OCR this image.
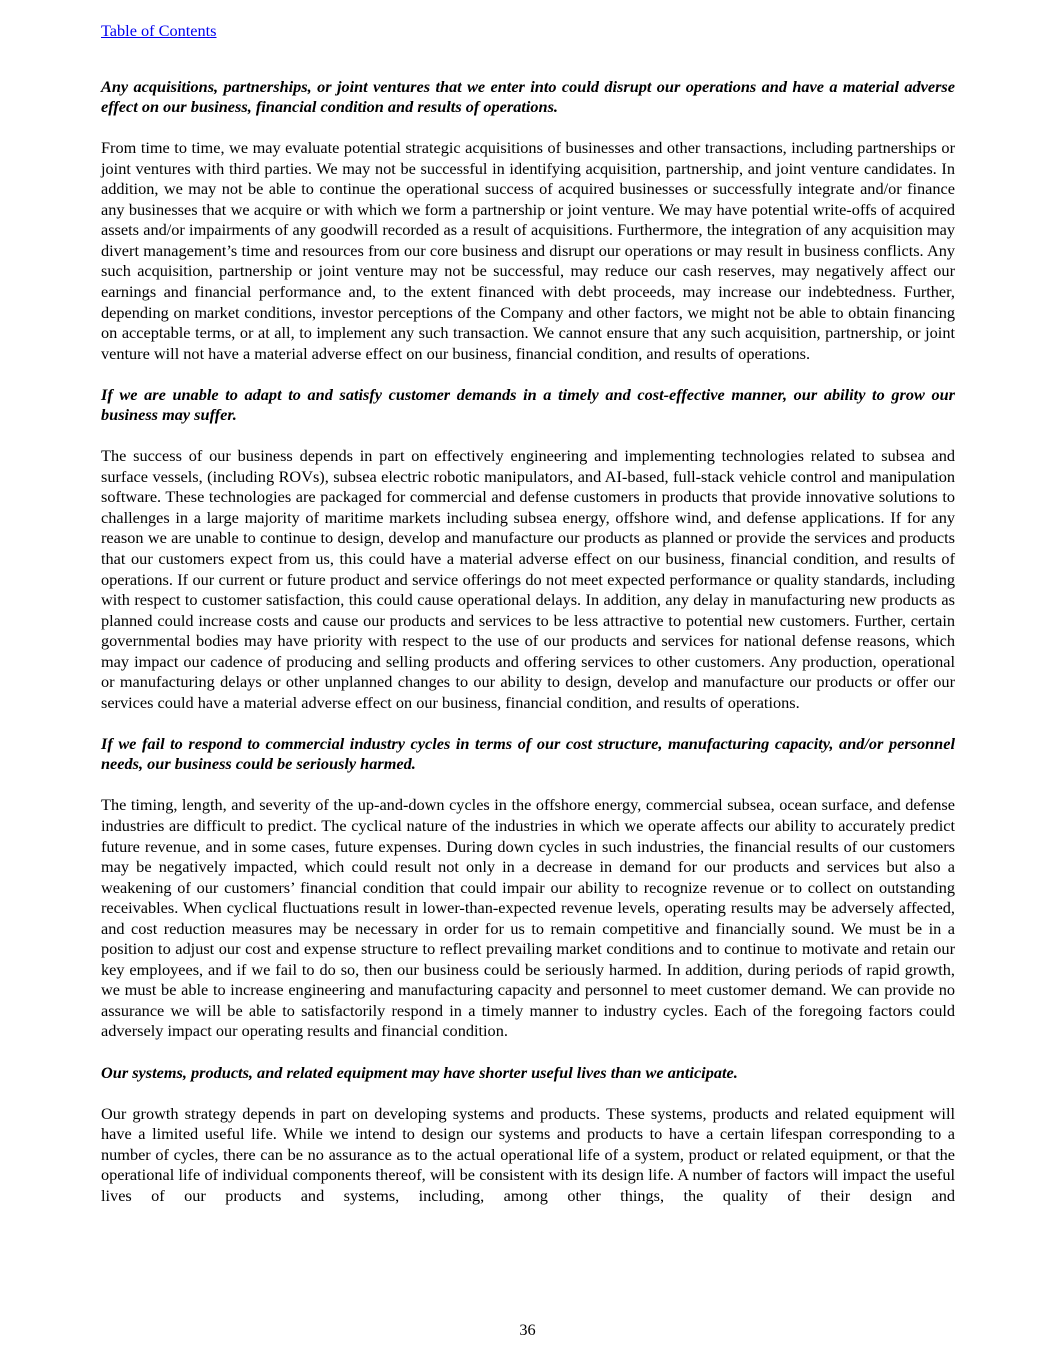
Table of Contents
Any acquisitions, partnerships, or joint ventures that we enter into could disrupt our operations and have a material adverse effect on our business, financial condition and results of operations.

From time to time, we may evaluate potential strategic acquisitions of businesses and other transactions, including partnerships or joint ventures with third parties. We may not be successful in identifying acquisition, partnership, and joint venture candidates. In addition, we may not be able to continue the operational success of acquired businesses or successfully integrate and/or finance any businesses that we acquire or with which we form a partnership or joint venture. We may have potential write-offs of acquired assets and/or impairments of any goodwill recorded as a result of acquisitions. Furthermore, the integration of any acquisition may divert management’s time and resources from our core business and disrupt our operations or may result in business conflicts. Any such acquisition, partnership or joint venture may not be successful, may reduce our cash reserves, may negatively affect our earnings and financial performance and, to the extent financed with debt proceeds, may increase our indebtedness. Further, depending on market conditions, investor perceptions of the Company and other factors, we might not be able to obtain financing on acceptable terms, or at all, to implement any such transaction. We cannot ensure that any such acquisition, partnership, or joint venture will not have a material adverse effect on our business, financial condition, and results of operations.

If we are unable to adapt to and satisfy customer demands in a timely and cost-effective manner, our ability to grow our business may suffer.

The success of our business depends in part on effectively engineering and implementing technologies related to subsea and surface vessels, (including ROVs), subsea electric robotic manipulators, and AI-based, full-stack vehicle control and manipulation software. These technologies are packaged for commercial and defense customers in products that provide innovative solutions to challenges in a large majority of maritime markets including subsea energy, offshore wind, and defense applications. If for any reason we are unable to continue to design, develop and manufacture our products as planned or provide the services and products that our customers expect from us, this could have a material adverse effect on our business, financial condition, and results of operations. If our current or future product and service offerings do not meet expected performance or quality standards, including with respect to customer satisfaction, this could cause operational delays. In addition, any delay in manufacturing new products as planned could increase costs and cause our products and services to be less attractive to potential new customers. Further, certain governmental bodies may have priority with respect to the use of our products and services for national defense reasons, which may impact our cadence of producing and selling products and offering services to other customers. Any production, operational or manufacturing delays or other unplanned changes to our ability to design, develop and manufacture our products or offer our services could have a material adverse effect on our business, financial condition, and results of operations.

If we fail to respond to commercial industry cycles in terms of our cost structure, manufacturing capacity, and/or personnel needs, our business could be seriously harmed.

The timing, length, and severity of the up-and-down cycles in the offshore energy, commercial subsea, ocean surface, and defense industries are difficult to predict. The cyclical nature of the industries in which we operate affects our ability to accurately predict future revenue, and in some cases, future expenses. During down cycles in such industries, the financial results of our customers may be negatively impacted, which could result not only in a decrease in demand for our products and services but also a weakening of our customers’ financial condition that could impair our ability to recognize revenue or to collect on outstanding receivables. When cyclical fluctuations result in lower-than-expected revenue levels, operating results may be adversely affected, and cost reduction measures may be necessary in order for us to remain competitive and financially sound. We must be in a position to adjust our cost and expense structure to reflect prevailing market conditions and to continue to motivate and retain our key employees, and if we fail to do so, then our business could be seriously harmed. In addition, during periods of rapid growth, we must be able to increase engineering and manufacturing capacity and personnel to meet customer demand. We can provide no assurance we will be able to satisfactorily respond in a timely manner to industry cycles. Each of the foregoing factors could adversely impact our operating results and financial condition.

Our systems, products, and related equipment may have shorter useful lives than we anticipate.

Our growth strategy depends in part on developing systems and products. These systems, products and related equipment will have a limited useful life. While we intend to design our systems and products to have a certain lifespan corresponding to a number of cycles, there can be no assurance as to the actual operational life of a system, product or related equipment, or that the operational life of individual components thereof, will be consistent with its design life. A number of factors will impact the useful lives of our products and systems, including, among other things, the quality of their design and

36
